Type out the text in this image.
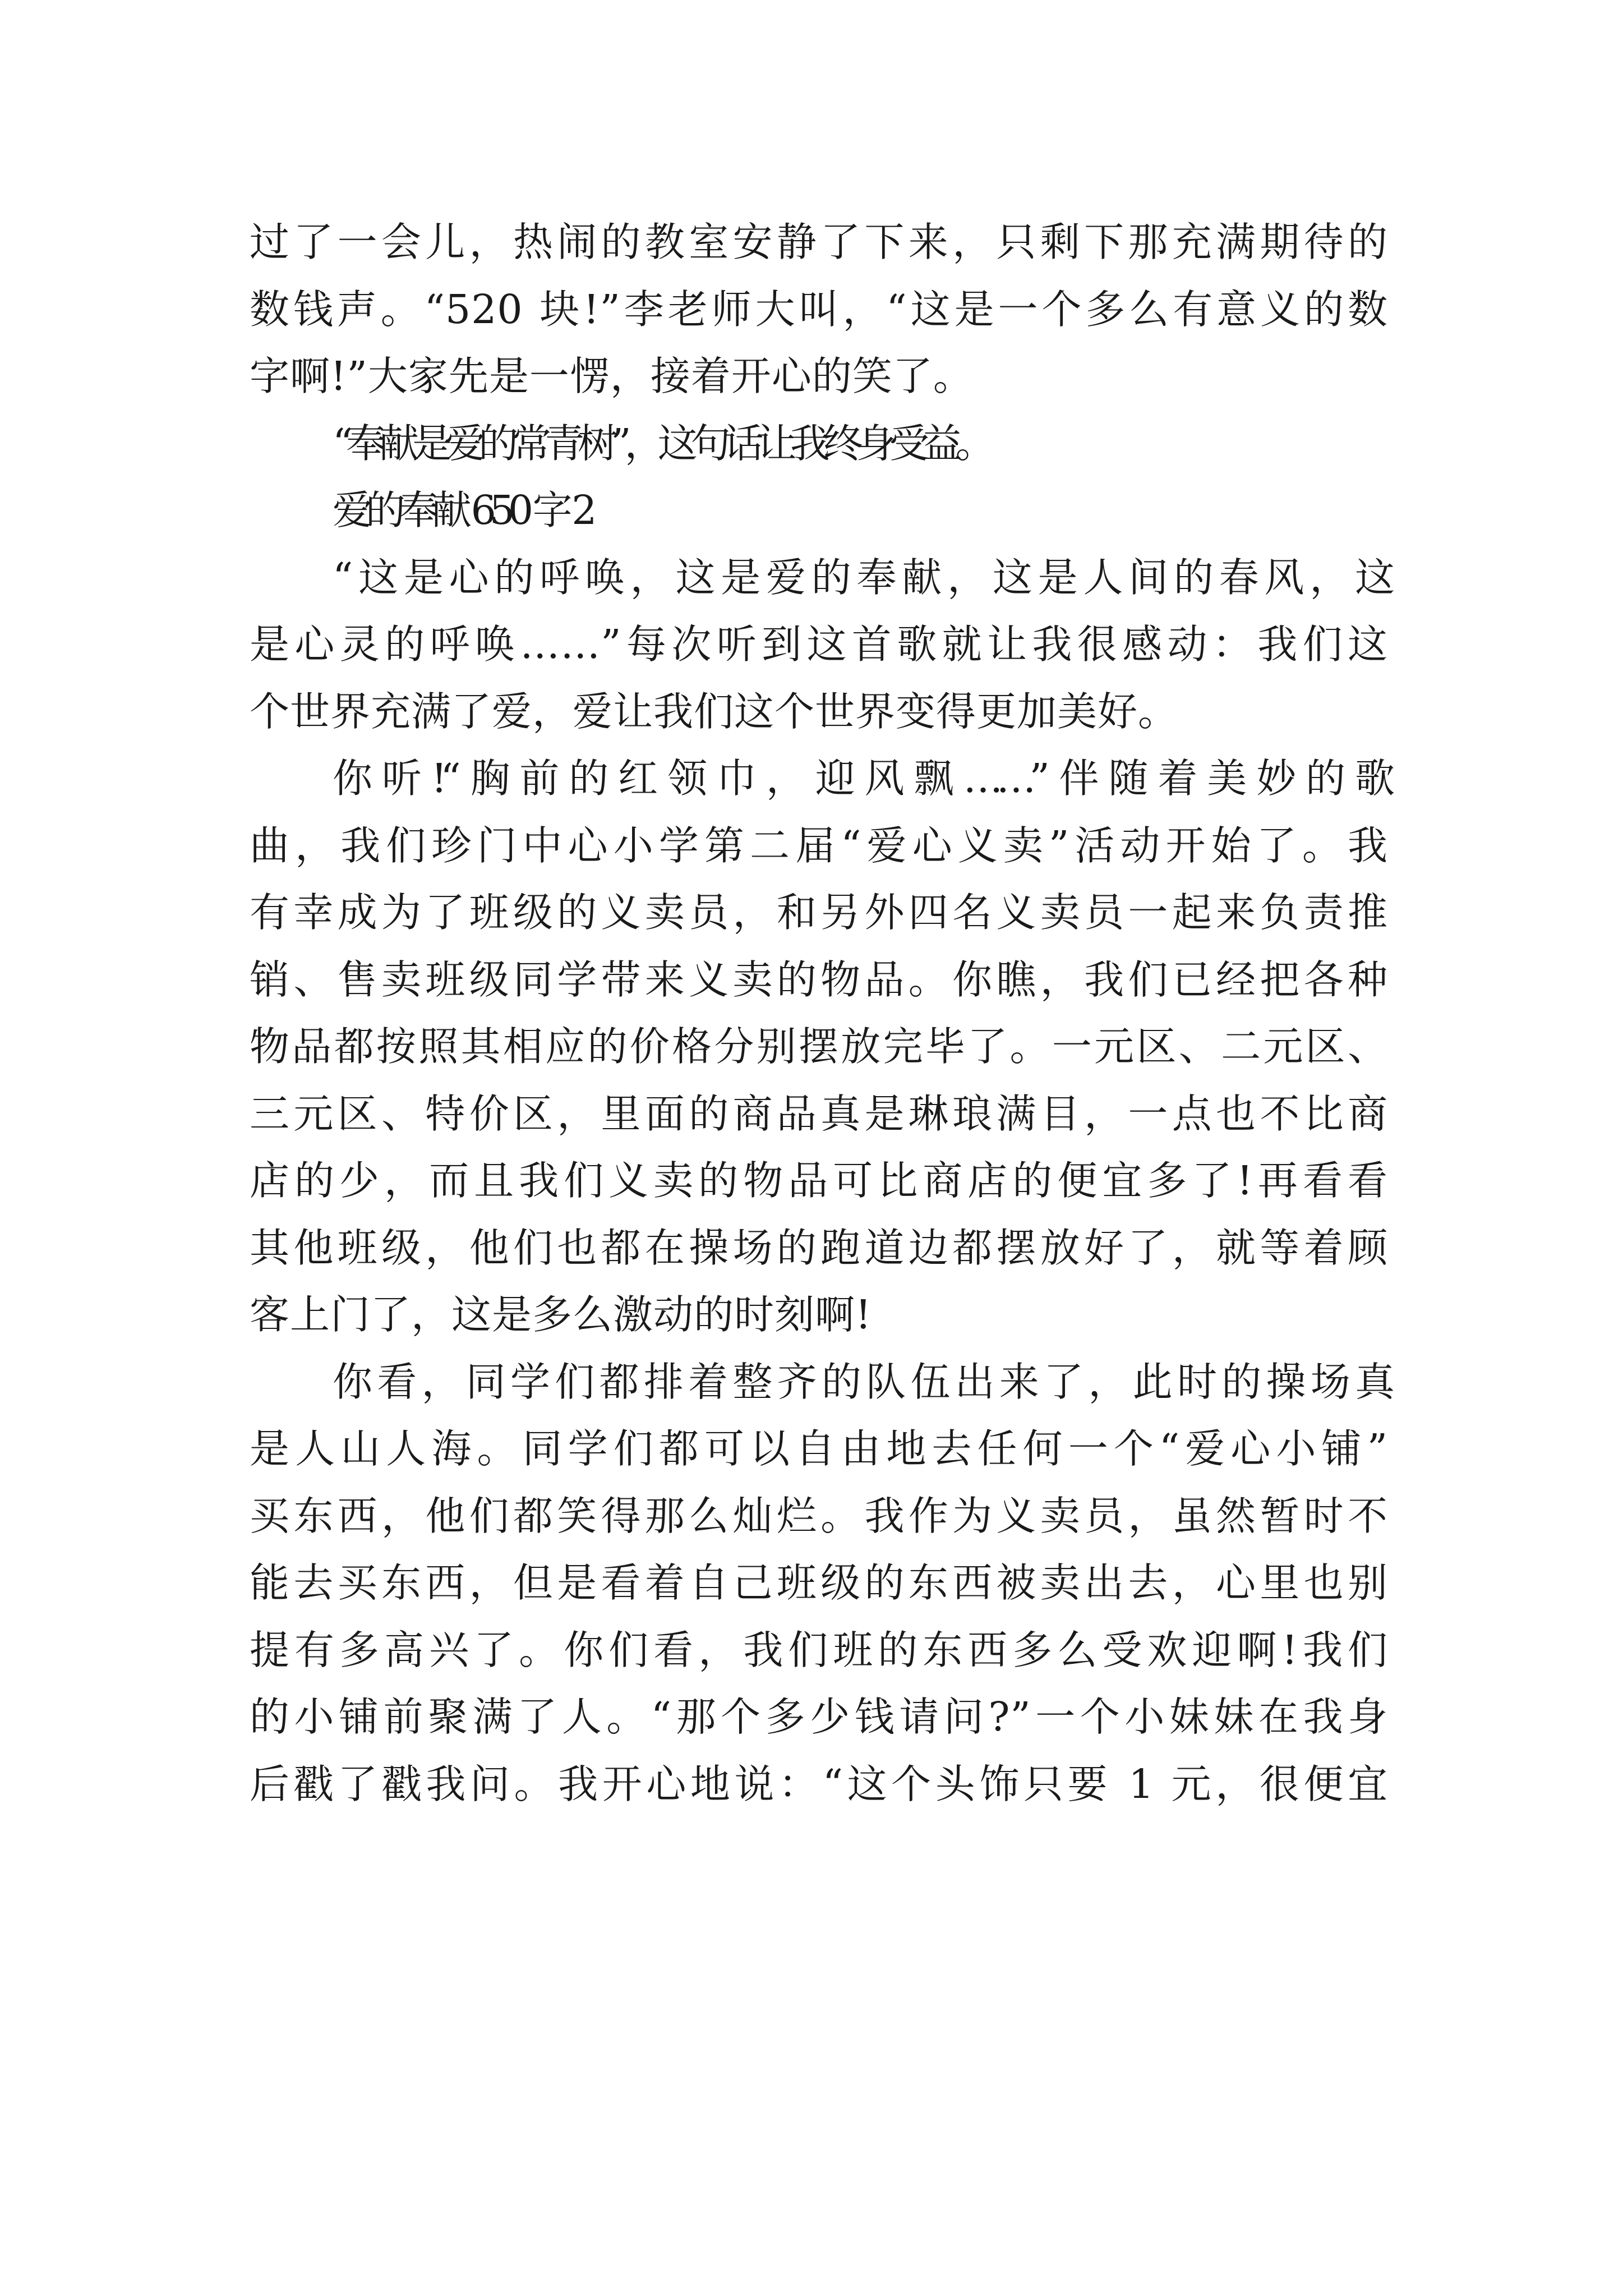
过了一会儿，热闹的教室安静了下来，只剩下那充满期待的
数钱声。“520 块!”李老师大叫，“这是一个多么有意义的数
字啊!”大家先是一愣，接着开心的笑了。
“奉献是爱的常青树”，这句话让我终身受益。
爱的奉献 650 字 2
“这是心的呼唤，这是爱的奉献，这是人间的春风，这
是心灵的呼唤……”每次听到这首歌就让我很感动：我们这
个世界充满了爱，爱让我们这个世界变得更加美好。
你听!“胸前的红领巾，迎风飘……”伴随着美妙的歌
曲，我们珍门中心小学第二届“爱心义卖”活动开始了。我
有幸成为了班级的义卖员，和另外四名义卖员一起来负责推
销、售卖班级同学带来义卖的物品。你瞧，我们已经把各种
物品都按照其相应的价格分别摆放完毕了。一元区、二元区、
三元区、特价区，里面的商品真是琳琅满目，一点也不比商
店的少，而且我们义卖的物品可比商店的便宜多了!再看看
其他班级，他们也都在操场的跑道边都摆放好了，就等着顾
客上门了，这是多么激动的时刻啊!
你看，同学们都排着整齐的队伍出来了，此时的操场真
是人山人海。同学们都可以自由地去任何一个“爱心小铺”
买东西，他们都笑得那么灿烂。我作为义卖员，虽然暂时不
能去买东西，但是看着自己班级的东西被卖出去，心里也别
提有多高兴了。你们看，我们班的东西多么受欢迎啊!我们
的小铺前聚满了人。“那个多少钱请问?”一个小妹妹在我身
后戳了戳我问。我开心地说：“这个头饰只要 1 元，很便宜
